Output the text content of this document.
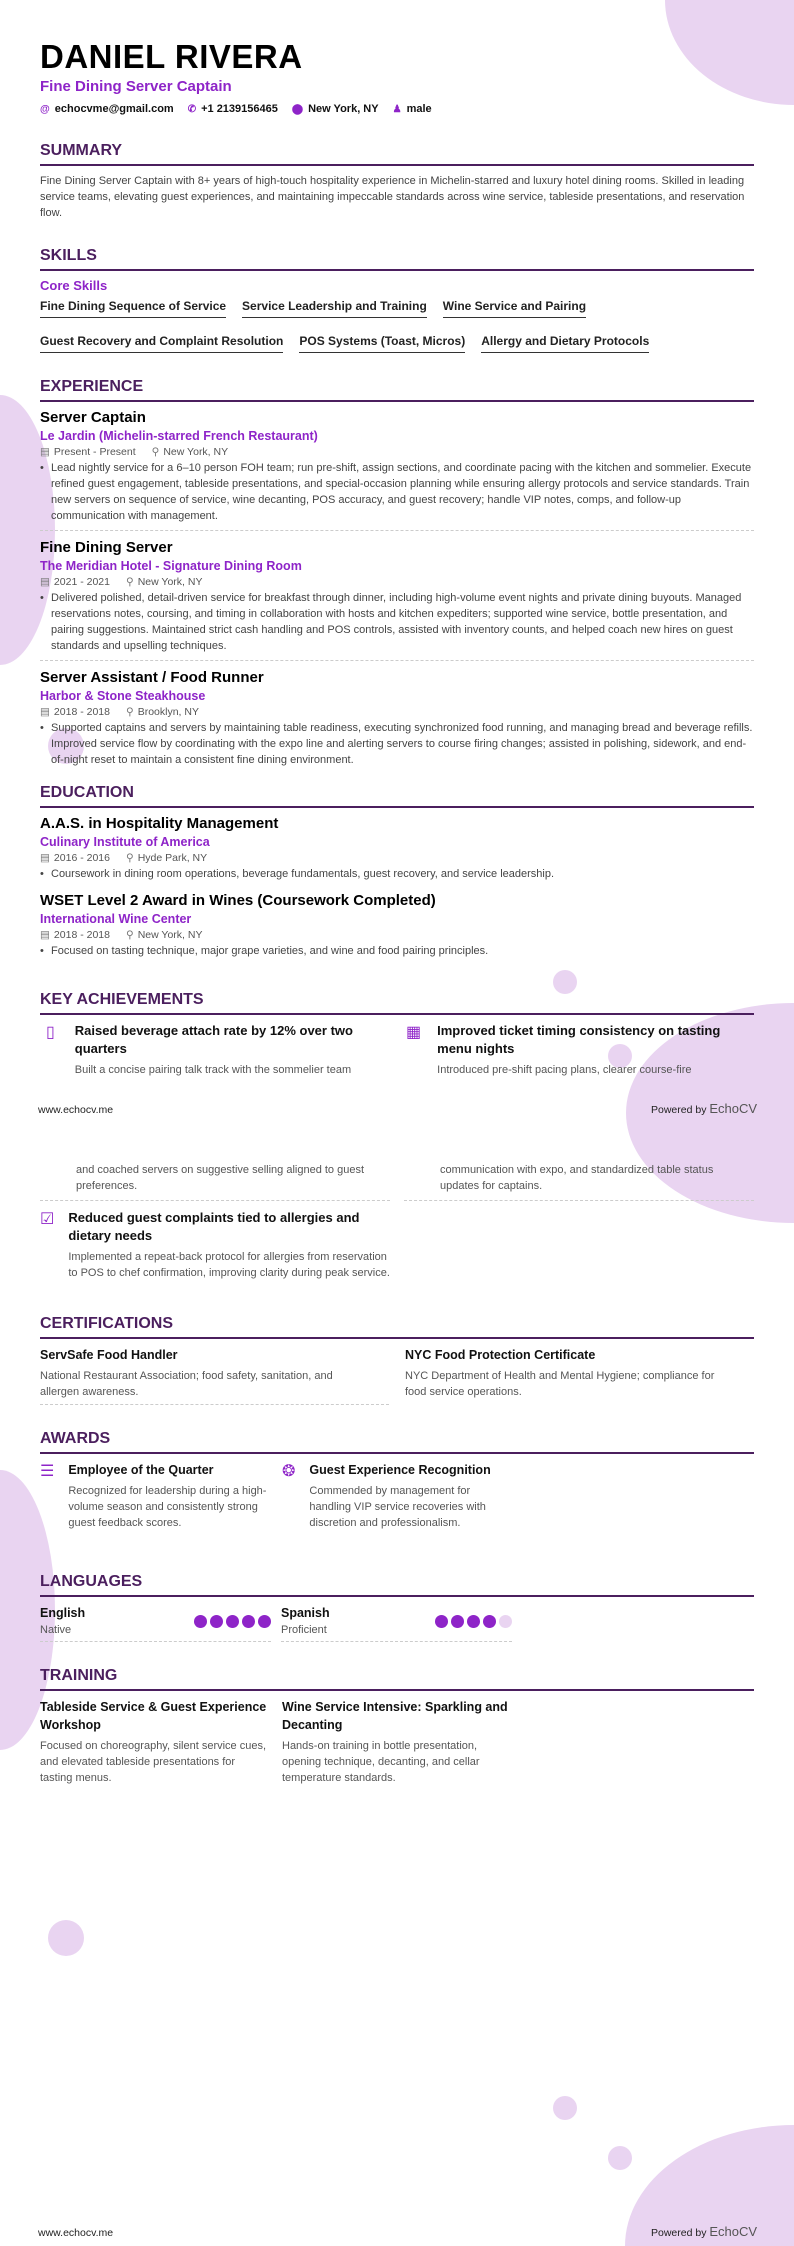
DANIEL RIVERA
Fine Dining Server Captain
@ echocvme@gmail.com ✆ +1 2139156465 ⬤ New York, NY ♟ male
SUMMARY
Fine Dining Server Captain with 8+ years of high-touch hospitality experience in Michelin-starred and luxury hotel dining rooms. Skilled in leading service teams, elevating guest experiences, and maintaining impeccable standards across wine service, tableside presentations, and reservation flow.
SKILLS
Core Skills
Fine Dining Sequence of Service Service Leadership and Training Wine Service and Pairing
Guest Recovery and Complaint Resolution POS Systems (Toast, Micros) Allergy and Dietary Protocols
EXPERIENCE
Server Captain
Le Jardin (Michelin-starred French Restaurant)
▤ Present - Present ⚲ New York, NY
• Lead nightly service for a 6–10 person FOH team; run pre-shift, assign sections, and coordinate pacing with the kitchen and sommelier. Execute refined guest engagement, tableside presentations, and special-occasion planning while ensuring allergy protocols and service standards. Train new servers on sequence of service, wine decanting, POS accuracy, and guest recovery; handle VIP notes, comps, and follow-up communication with management.
Fine Dining Server
The Meridian Hotel - Signature Dining Room
▤ 2021 - 2021 ⚲ New York, NY
• Delivered polished, detail-driven service for breakfast through dinner, including high-volume event nights and private dining buyouts. Managed reservations notes, coursing, and timing in collaboration with hosts and kitchen expediters; supported wine service, bottle presentation, and pairing suggestions. Maintained strict cash handling and POS controls, assisted with inventory counts, and helped coach new hires on guest standards and upselling techniques.
Server Assistant / Food Runner
Harbor & Stone Steakhouse
▤ 2018 - 2018 ⚲ Brooklyn, NY
• Supported captains and servers by maintaining table readiness, executing synchronized food running, and managing bread and beverage refills. Improved service flow by coordinating with the expo line and alerting servers to course firing changes; assisted in polishing, sidework, and end-of-night reset to maintain a consistent fine dining environment.
EDUCATION
A.A.S. in Hospitality Management
Culinary Institute of America
▤ 2016 - 2016 ⚲ Hyde Park, NY
• Coursework in dining room operations, beverage fundamentals, guest recovery, and service leadership.
WSET Level 2 Award in Wines (Coursework Completed)
International Wine Center
▤ 2018 - 2018 ⚲ New York, NY
• Focused on tasting technique, major grape varieties, and wine and food pairing principles.
KEY ACHIEVEMENTS
▯	Raised beverage attach rate by 12% over two quarters
Built a concise pairing talk track with the sommelier team
▦ Improved ticket timing consistency on tasting menu nights
Introduced pre-shift pacing plans, clearer course-fire
www.echocv.me	Powered by EchoCV
and coached servers on suggestive selling aligned to guest preferences.
communication with expo, and standardized table status updates for captains.
☑ Reduced guest complaints tied to allergies and dietary needs
Implemented a repeat-back protocol for allergies from reservation to POS to chef confirmation, improving clarity during peak service.
CERTIFICATIONS
ServSafe Food Handler
National Restaurant Association; food safety, sanitation, and allergen awareness.
NYC Food Protection Certificate
NYC Department of Health and Mental Hygiene; compliance for food service operations.
AWARDS
☰ Employee of the Quarter
Recognized for leadership during a high-volume season and consistently strong guest feedback scores.
❂ Guest Experience Recognition
Commended by management for handling VIP service recoveries with discretion and professionalism.
LANGUAGES
English
Native
Spanish
Proficient
TRAINING
Tableside Service & Guest Experience Workshop
Focused on choreography, silent service cues, and elevated tableside presentations for tasting menus.
Wine Service Intensive: Sparkling and Decanting
Hands-on training in bottle presentation, opening technique, decanting, and cellar temperature standards.
www.echocv.me	Powered by EchoCV
